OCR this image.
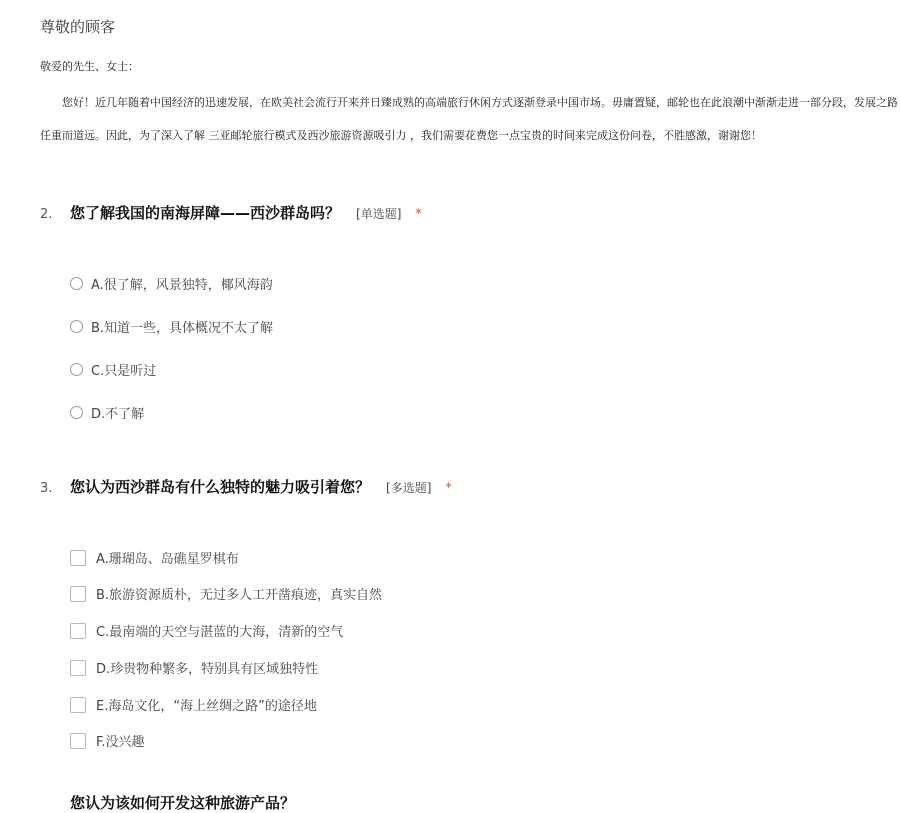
尊敬的顾客
敬爱的先生、女士：
您好！近几年随着中国经济的迅速发展，在欧美社会流行开来并日臻成熟的高端旅行休闲方式逐渐登录中国市场。毋庸置疑，邮轮也在此浪潮中渐渐走进一部分段，发展之路任重而道远。因此，为了深入了解 三亚邮轮旅行模式及西沙旅游资源吸引力 ，我们需要花费您一点宝贵的时间来完成这份问卷，不胜感激，谢谢您！
2.	您了解我国的南海屏障——西沙群岛吗？ [单选题] *
A.很了解，风景独特，椰风海韵
B.知道一些，具体概况不太了解
C.只是听过
D.不了解
3.	您认为西沙群岛有什么独特的魅力吸引着您？ [多选题] *
A.珊瑚岛、岛礁星罗棋布
B.旅游资源质朴，无过多人工开凿痕迹，真实自然
C.最南端的天空与湛蓝的大海，清新的空气
D.珍贵物种繁多，特别具有区域独特性
E.海岛文化，“海上丝绸之路”的途径地
F.没兴趣
您认为该如何开发这种旅游产品？
